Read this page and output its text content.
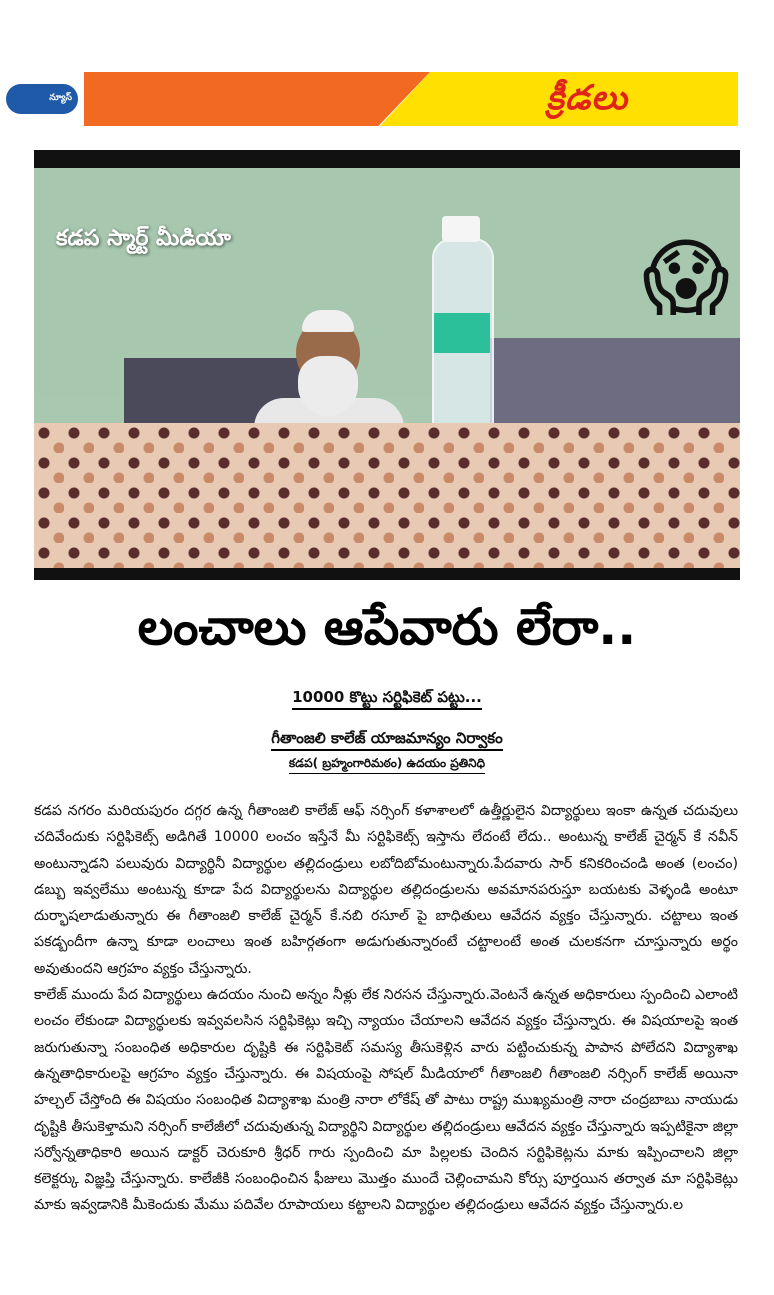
న్యూస్	క్రీడలు
కడప స్మార్ట్ మీడియా	😱
లంచాలు ఆపేవారు లేరా..
10000 కొట్టు సర్టిఫికెట్ పట్టు...
గీతాంజలి కాలేజ్ యాజమాన్యం నిర్వాకం
కడప( బ్రహ్మంగారిమఠం) ఉదయం ప్రతినిధి

కడప నగరం మరియపురం దగ్గర ఉన్న గీతాంజలి కాలేజ్ ఆఫ్ నర్సింగ్ కళాశాలలో ఉత్తీర్ణులైన విద్యార్థులు ఇంకా ఉన్నత చదువులు చదివేందుకు సర్టిఫికెట్స్ అడిగితే 10000 లంచం ఇస్తేనే మీ సర్టిఫికెట్స్ ఇస్తాను లేదంటే లేదు.. అంటున్న కాలేజ్ చైర్మన్ కే నవీన్ అంటున్నాడని పలువురు విద్యార్థినీ విద్యార్థుల తల్లిదండ్రులు లబోదిబోమంటున్నారు.పేదవారు సార్ కనికరించండి అంత (లంచం) డబ్బు ఇవ్వలేము అంటున్న కూడా పేద విద్యార్థులను విద్యార్థుల తల్లిదండ్రులను అవమానపరుస్తూ బయటకు వెళ్ళండి అంటూ దుర్భాషలాడుతున్నారు ఈ గీతాంజలి కాలేజ్ చైర్మన్ కే.నబి రసూల్ పై బాధితులు ఆవేదన వ్యక్తం చేస్తున్నారు. చట్టాలు ఇంత పకడ్బందీగా ఉన్నా కూడా లంచాలు ఇంత బహిర్గతంగా అడుగుతున్నారంటే చట్టాలంటే అంత చులకనగా చూస్తున్నారు అర్థం అవుతుందని ఆగ్రహం వ్యక్తం చేస్తున్నారు.

కాలేజ్ ముందు పేద విద్యార్థులు ఉదయం నుంచి అన్నం నీళ్లు లేక నిరసన చేస్తున్నారు.వెంటనే ఉన్నత అధికారులు స్పందించి ఎలాంటి లంచం లేకుండా విద్యార్థులకు ఇవ్వవలసిన సర్టిఫికెట్లు ఇచ్చి న్యాయం చేయాలని ఆవేదన వ్యక్తం చేస్తున్నారు. ఈ విషయాలపై ఇంత జరుగుతున్నా సంబంధిత అధికారుల దృష్టికి ఈ సర్టిఫికెట్ సమస్య తీసుకెళ్లిన వారు పట్టించుకున్న పాపాన పోలేదని విద్యాశాఖ ఉన్నతాధికారులపై ఆగ్రహం వ్యక్తం చేస్తున్నారు. ఈ విషయంపై సోషల్ మీడియాలో గీతాంజలి గీతాంజలి నర్సింగ్ కాలేజ్ అయినా హల్చల్ చేస్తోంది ఈ విషయం సంబంధిత విద్యాశాఖ మంత్రి నారా లోకేష్ తో పాటు రాష్ట్ర ముఖ్యమంత్రి నారా చంద్రబాబు నాయుడు దృష్టికి తీసుకెళ్తామని నర్సింగ్ కాలేజీలో చదువుతున్న విద్యార్థిని విద్యార్థుల తల్లిదండ్రులు ఆవేదన వ్యక్తం చేస్తున్నారు ఇప్పటికైనా జిల్లా సర్వోన్నతాధికారి అయిన డాక్టర్ చెరుకూరి శ్రీధర్ గారు స్పందించి మా పిల్లలకు చెందిన సర్టిఫికెట్లను మాకు ఇప్పించాలని జిల్లా కలెక్టర్కు విజ్ఞప్తి చేస్తున్నారు. కాలేజీకి సంబంధించిన ఫీజులు మొత్తం ముందే చెల్లించామని కోర్సు పూర్తయిన తర్వాత మా సర్టిఫికెట్లు మాకు ఇవ్వడానికి మీకెందుకు మేము పదివేల రూపాయలు కట్టాలని విద్యార్థుల తల్లిదండ్రులు ఆవేదన వ్యక్తం చేస్తున్నారు.ల
